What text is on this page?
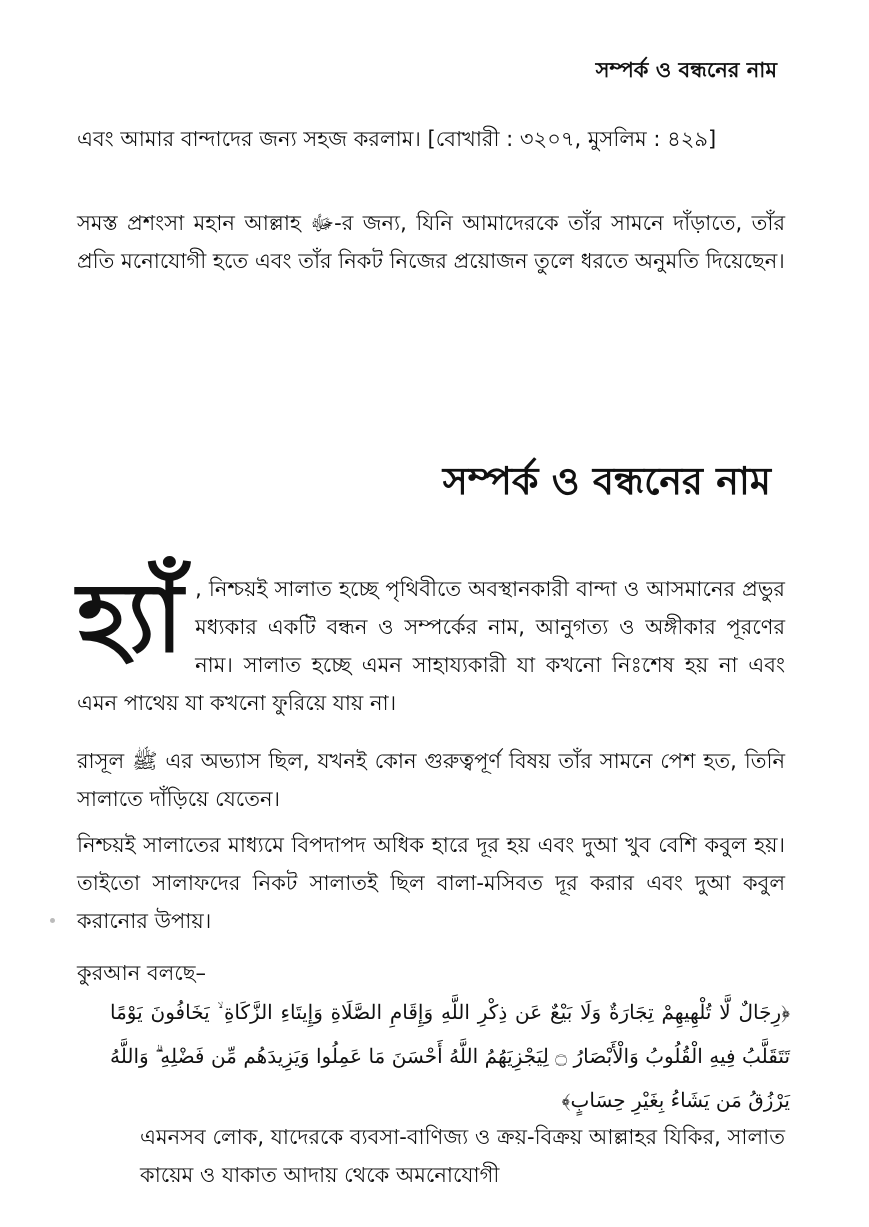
সম্পর্ক ও বন্ধনের নাম

এবং আমার বান্দাদের জন্য সহজ করলাম। [বোখারী : ৩২০৭, মুসলিম : ৪২৯]

সমস্ত প্রশংসা মহান আল্লাহ ﷻ-র জন্য, যিনি আমাদেরকে তাঁর সামনে দাঁড়াতে, তাঁর প্রতি মনোযোগী হতে এবং তাঁর নিকট নিজের প্রয়োজন তুলে ধরতে অনুমতি দিয়েছেন।

সম্পর্ক ও বন্ধনের নাম
হ্যাঁ , নিশ্চয়ই সালাত হচ্ছে পৃথিবীতে অবস্থানকারী বান্দা ও আসমানের প্রভুর মধ্যকার একটি বন্ধন ও সম্পর্কের নাম, আনুগত্য ও অঙ্গীকার পূরণের নাম। সালাত হচ্ছে এমন সাহায্যকারী যা কখনো নিঃশেষ হয় না এবং এমন পাথেয় যা কখনো ফুরিয়ে যায় না।

রাসূল ﷺ এর অভ্যাস ছিল, যখনই কোন গুরুত্বপূর্ণ বিষয় তাঁর সামনে পেশ হত, তিনি সালাতে দাঁড়িয়ে যেতেন।

নিশ্চয়ই সালাতের মাধ্যমে বিপদাপদ অধিক হারে দূর হয় এবং দুআ খুব বেশি কবুল হয়। তাইতো সালাফদের নিকট সালাতই ছিল বালা-মসিবত দূর করার এবং দুআ কবুল করানোর উপায়।

কুরআন বলছে–

﴿رِجَالٌ لَّا تُلْهِيهِمْ تِجَارَةٌ وَلَا بَيْعٌ عَن ذِكْرِ اللَّهِ وَإِقَامِ الصَّلَاةِ وَإِيتَاءِ الزَّكَاةِ ۙ يَخَافُونَ يَوْمًا تَتَقَلَّبُ فِيهِ الْقُلُوبُ وَالْأَبْصَارُ ۝ لِيَجْزِيَهُمُ اللَّهُ أَحْسَنَ مَا عَمِلُوا وَيَزِيدَهُم مِّن فَضْلِهِ ۗ وَاللَّهُ يَرْزُقُ مَن يَشَاءُ بِغَيْرِ حِسَابٍ﴾

এমনসব লোক, যাদেরকে ব্যবসা-বাণিজ্য ও ক্রয়-বিক্রয় আল্লাহর যিকির, সালাত কায়েম ও যাকাত আদায় থেকে অমনোযোগী
